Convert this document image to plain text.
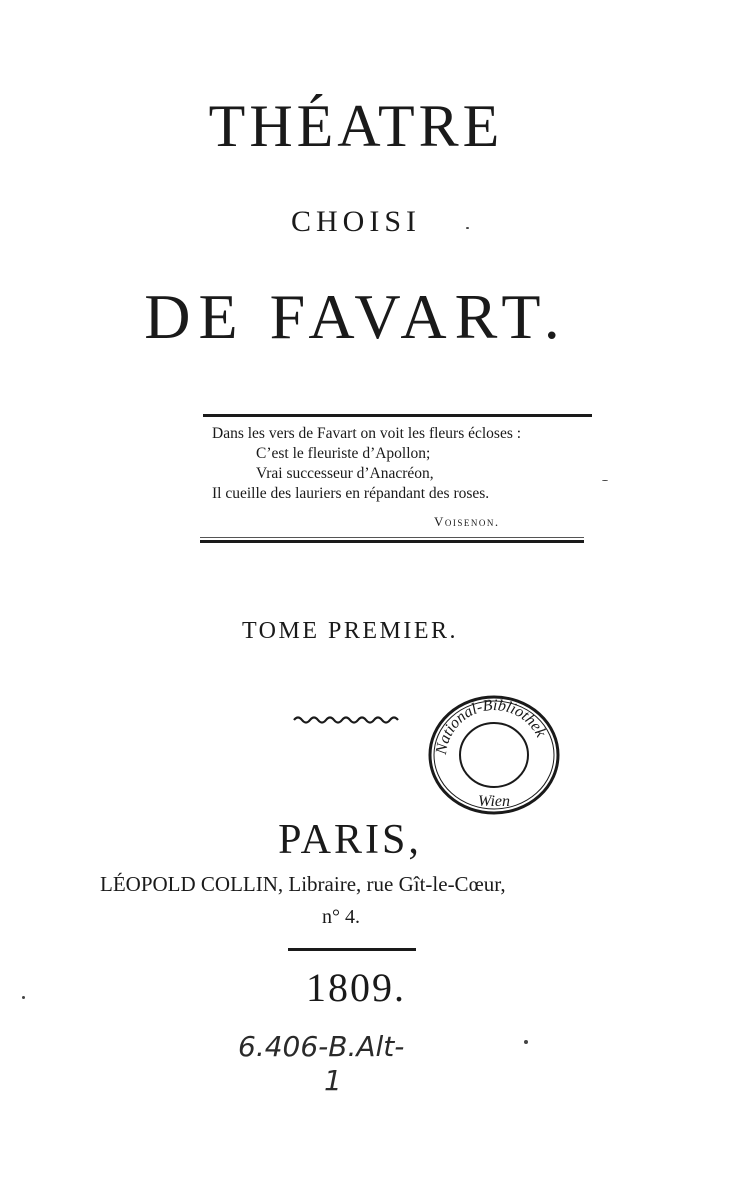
THÉATRE
CHOISI
DE FAVART.
Dans les vers de Favart on voit les fleurs écloses :
C’est le fleuriste d’Apollon;
Vrai successeur d’Anacréon,
Il cueille des lauriers en répandant des roses.
Voisenon.
TOME PREMIER.
National-Bibliothek
Wien
PARIS,
LÉOPOLD COLLIN, Libraire, rue Gît-le-Cœur,
n° 4.
1809.
6.406-B.Alt-
1
